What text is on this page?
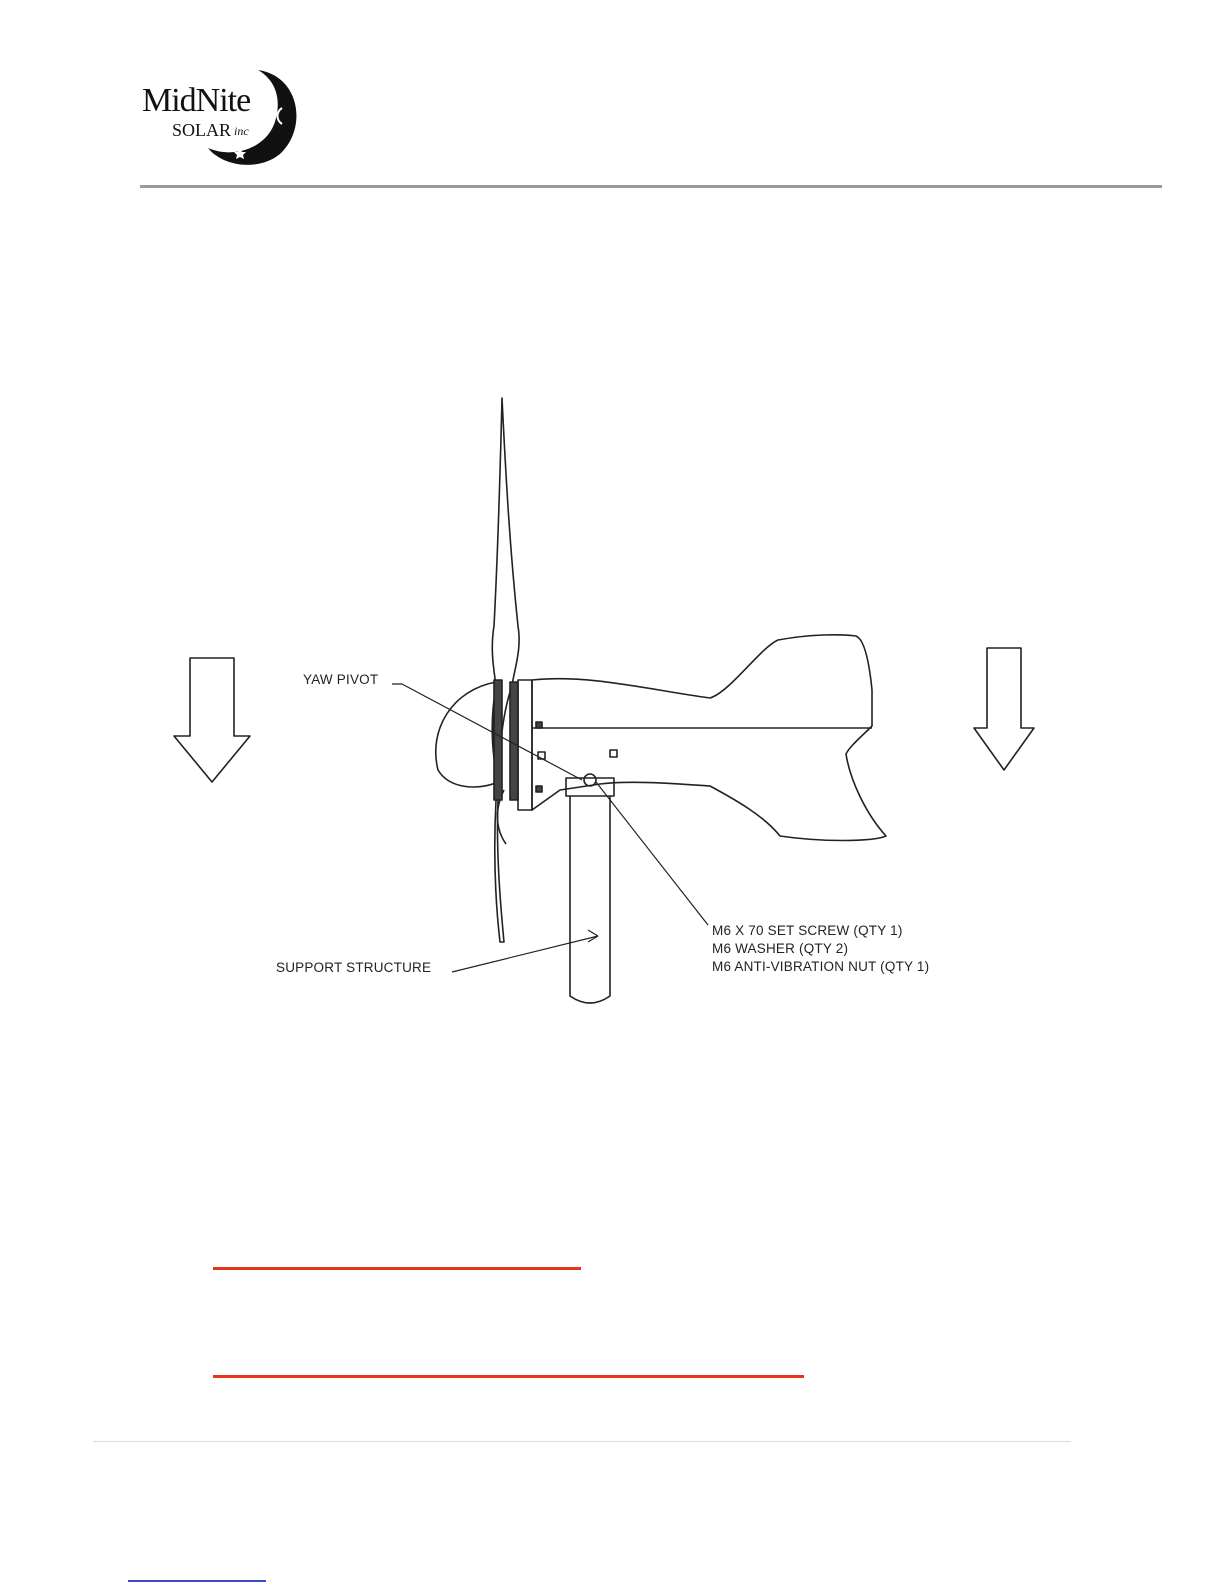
MidNite
SOLAR inc
YAW PIVOT
SUPPORT STRUCTURE
M6 X 70 SET SCREW (QTY 1)
M6 WASHER (QTY 2)
M6 ANTI-VIBRATION NUT (QTY 1)
